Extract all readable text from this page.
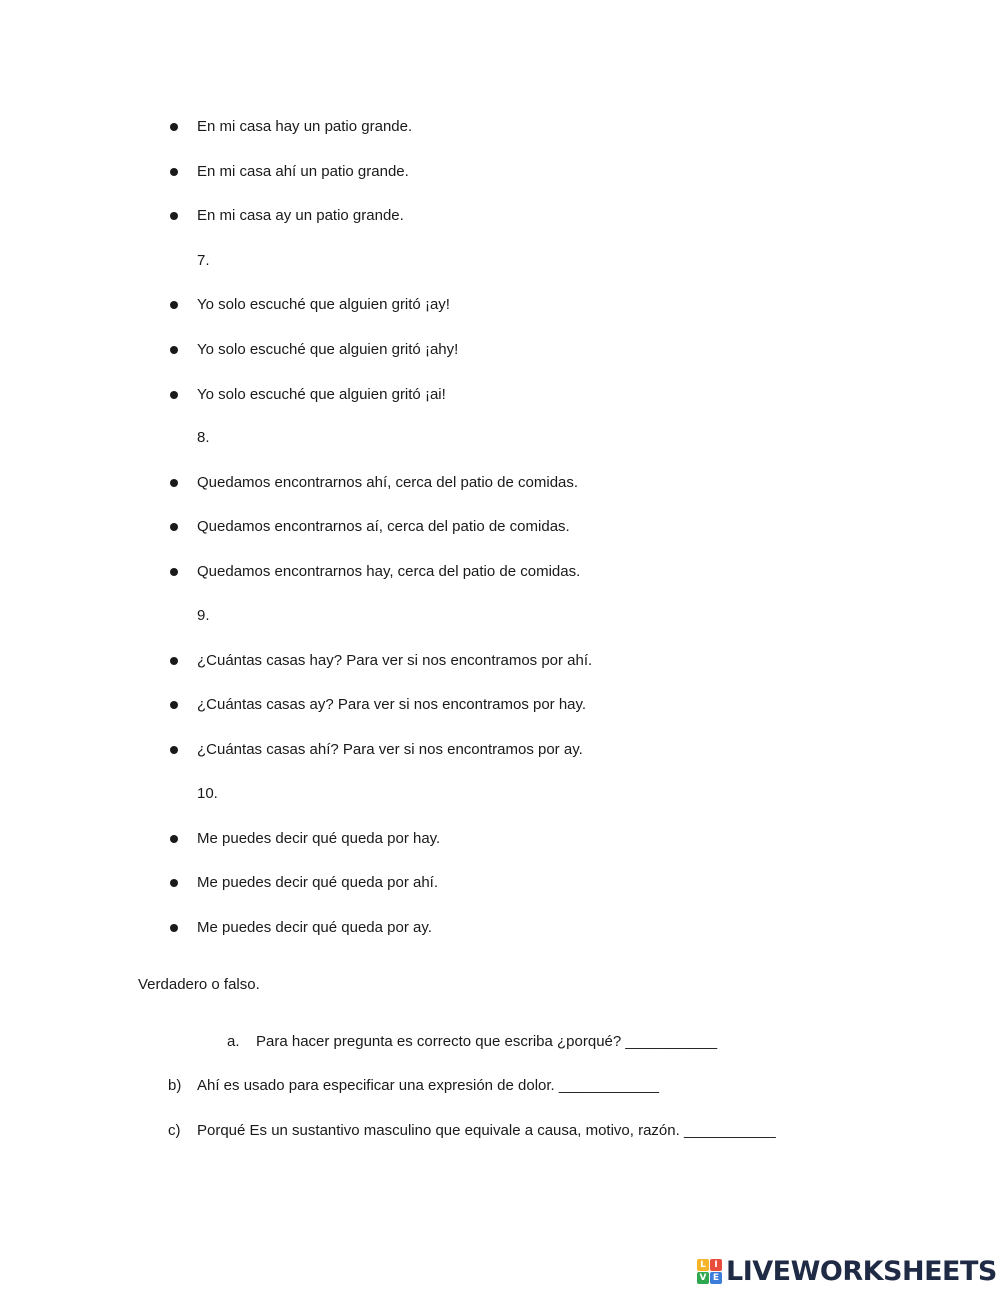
En mi casa hay un patio grande.
En mi casa ahí un patio grande.
En mi casa ay un patio grande.
7.
Yo solo escuché que alguien gritó ¡ay!
Yo solo escuché que alguien gritó ¡ahy!
Yo solo escuché que alguien gritó ¡ai!
8.
Quedamos encontrarnos ahí, cerca del patio de comidas.
Quedamos encontrarnos aí, cerca del patio de comidas.
Quedamos encontrarnos hay, cerca del patio de comidas.
9.
¿Cuántas casas hay? Para ver si nos encontramos por ahí.
¿Cuántas casas ay? Para ver si nos encontramos por hay.
¿Cuántas casas ahí? Para ver si nos encontramos por ay.
10.
Me puedes decir qué queda por hay.
Me puedes decir qué queda por ahí.
Me puedes decir qué queda por ay.
Verdadero o falso.
a. Para hacer pregunta es correcto que escriba ¿porqué? ___________
b) Ahí es usado para especificar una expresión de dolor. ____________
c) Porqué Es un sustantivo masculino que equivale a causa, motivo, razón. ___________
L I
V E LIVEWORKSHEETS
